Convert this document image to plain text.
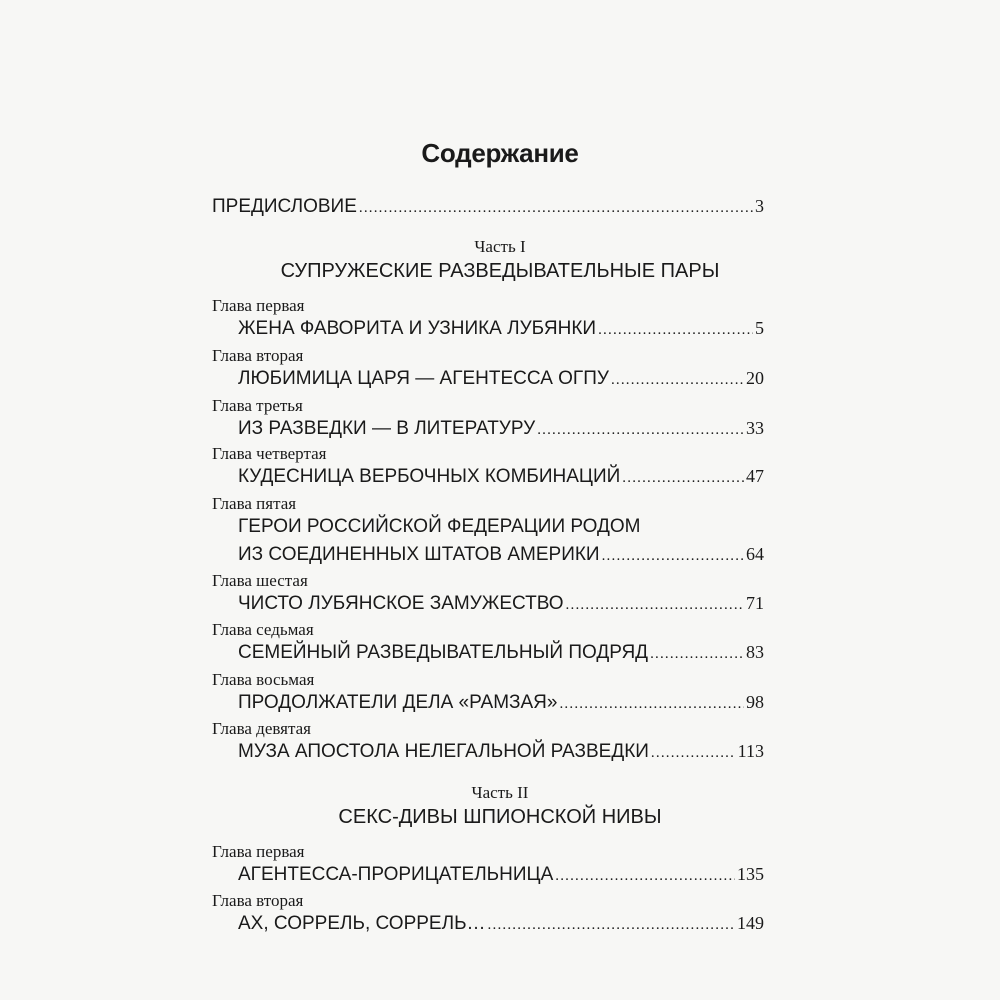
Содержание
ПРЕДИСЛОВИЕ .....	3
Часть I
СУПРУЖЕСКИЕ РАЗВЕДЫВАТЕЛЬНЫЕ ПАРЫ
Глава первая
ЖЕНА ФАВОРИТА И УЗНИКА ЛУБЯНКИ .....	5
Глава вторая
ЛЮБИМИЦА ЦАРЯ — АГЕНТЕССА ОГПУ .....	20
Глава третья
ИЗ РАЗВЕДКИ — В ЛИТЕРАТУРУ .....	33
Глава четвертая
КУДЕСНИЦА ВЕРБОЧНЫХ КОМБИНАЦИЙ .....	47
Глава пятая
ГЕРОИ РОССИЙСКОЙ ФЕДЕРАЦИИ РОДОМ
ИЗ СОЕДИНЕННЫХ ШТАТОВ АМЕРИКИ .....	64
Глава шестая
ЧИСТО ЛУБЯНСКОЕ ЗАМУЖЕСТВО .....	71
Глава седьмая
СЕМЕЙНЫЙ РАЗВЕДЫВАТЕЛЬНЫЙ ПОДРЯД .....	83
Глава восьмая
ПРОДОЛЖАТЕЛИ ДЕЛА «РАМЗАЯ» .....	98
Глава девятая
МУЗА АПОСТОЛА НЕЛЕГАЛЬНОЙ РАЗВЕДКИ .....	113
Часть II
СЕКС-ДИВЫ ШПИОНСКОЙ НИВЫ
Глава первая
АГЕНТЕССА-ПРОРИЦАТЕЛЬНИЦА .....	135
Глава вторая
АХ, СОРРЕЛЬ, СОРРЕЛЬ… .....	149
